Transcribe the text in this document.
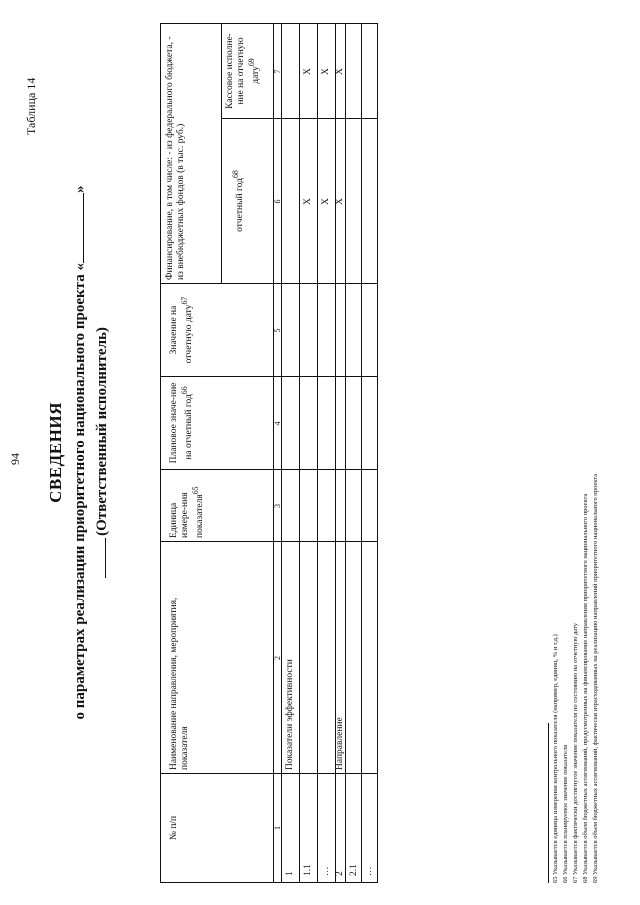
94
Таблица 14
СВЕДЕНИЯ о параметрах реализации приоритетного национального проекта «»
(Ответственный исполнитель)
№ п/п
Наименование направления, мероприятия, показателя
Единица измере-ния показателя$^{65}$
Плановое значе-ние на отчетный год$^{66}$
Значение на отчетную дату$^{67}$
Финансирование, в том числе: - из федерального бюджета, - из внебюджетных фондов (в тыс. руб.)	отчетный год$^{68}$
Кассовое исполне-ние на отчетную дату$^{69}$
1
2
3
4
5
6
7
1
Показатели эффективности
1.1
X
X
…
X
X
2
Направление
X
X
2.1 …	65 Указывается единица измерения контрольного показателя (например, единиц, % и т.д.) 66 Указывается планируемое значение показателя 67 Указывается фактически достигнутое значение показателя по состоянию на отчетную дату 68 Указывается объем бюджетных ассигнований, предусмотренных на финансирование направления приоритетного национального проекта 69 Указывается объем бюджетных ассигнований, фактически израсходованных на реализацию направлений приоритетного национального проекта
